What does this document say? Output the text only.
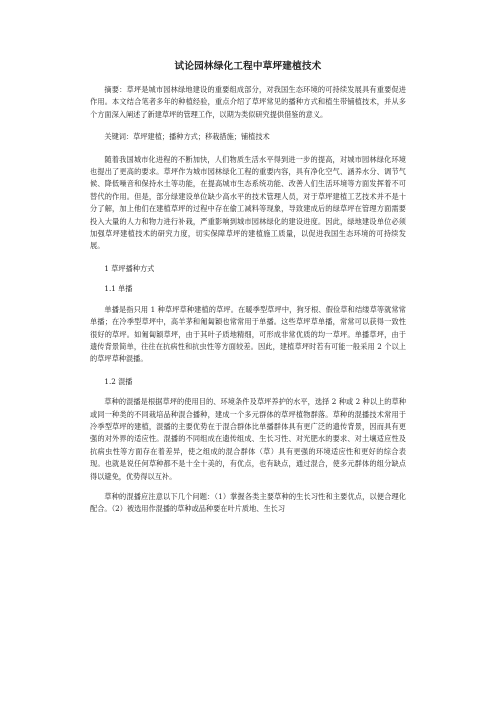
试论园林绿化工程中草坪建植技术

摘要：草坪是城市园林绿地建设的重要组成部分，对我国生态环境的可持续发展具有重要促进作用。本文结合笔者多年的种植经验，重点介绍了草坪常见的播种方式和植生带铺植技术，并从多个方面深入阐述了新建草坪的管理工作，以期为类似研究提供借鉴的意义。

关键词：草坪建植；播种方式；移栽措施；铺植技术

随着我国城市化进程的不断加快，人们物质生活水平得到进一步的提高，对城市园林绿化环境也提出了更高的要求。草坪作为城市园林绿化工程的重要内容，具有净化空气、涵养水分、调节气候、降低噪音和保持水土等功能，在提高城市生态系统功能、改善人们生活环境等方面发挥着不可替代的作用。但是，部分绿建设单位缺少高水平的技术管理人员，对于草坪建植工艺技术并不是十分了解，加上他们在建植草坪的过程中存在偷工减料等现象，导致建成后的绿草坪在管理方面需要投入大量的人力和物力进行补栽，严重影响到城市园林绿化的建设进度。因此，绿地建设单位必须加强草坪建植技术的研究力度，切实保障草坪的建植施工质量，以促进我国生态环境的可持续发展。

1 草坪播种方式
1.1 单播

单播是指只用 1 种草坪草种建植的草坪。在暖季型草坪中，狗牙根、假俭草和结缕草等就常常单播；在冷季型草坪中，高羊茅和匍匐颖也常常用于单播。这些草坪草单播，常常可以获得一致性很好的草坪。如匍匐颖草坪，由于其叶子质地精细，可形成非常优质的均一草坪。单播草坪，由于遗传背景简单，往往在抗病性和抗虫性等方面较差。因此，建植草坪时若有可能一般采用 2 个以上的草坪草种混播。

1.2 混播

草种的混播是根据草坪的使用目的、环境条件及草坪养护的水平，选择 2 种或 2 种以上的草种或同一种类的不同栽培品种混合播种，建成一个多元群体的草坪植物群落。草种的混播技术常用于冷季型草坪的建植，混播的主要优势在于混合群体比单播群体具有更广泛的遗传背景，因而具有更强的对外界的适应性。混播的不同组成在遗传组成、生长习性、对光肥水的要求、对土壤适应性及抗病虫性等方面存在着差异，使之组成的混合群体（草）具有更强的环境适应性和更好的综合表现。也就是说任何草种都不是十全十美的，有优点，也有缺点，通过混合，使多元群体的组分缺点得以避免，优势得以互补。

草种的混播应注意以下几个问题：（1）掌握各类主要草种的生长习性和主要优点，以便合理化配合。（2）被选用作混播的草种或品种要在叶片质地、生长习
